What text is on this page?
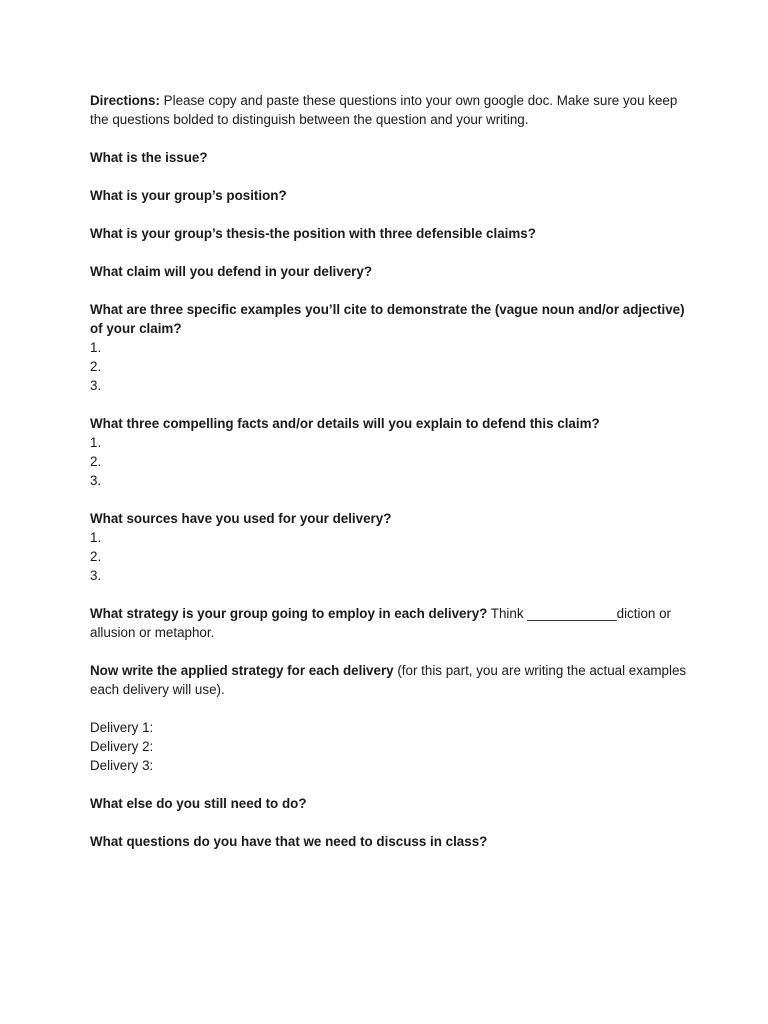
Directions: Please copy and paste these questions into your own google doc. Make sure you keep the questions bolded to distinguish between the question and your writing.

What is the issue?

What is your group’s position?

What is your group’s thesis-the position with three defensible claims?

What claim will you defend in your delivery?

What are three specific examples you’ll cite to demonstrate the (vague noun and/or adjective) of your claim?
1.
2.
3.
What three compelling facts and/or details will you explain to defend this claim?
1.
2.
3.
What sources have you used for your delivery?
1.
2.
3.

What strategy is your group going to employ in each delivery? Think ____________diction or allusion or metaphor.

Now write the applied strategy for each delivery (for this part, you are writing the actual examples each delivery will use).

Delivery 1:
Delivery 2:
Delivery 3:

What else do you still need to do?

What questions do you have that we need to discuss in class?
